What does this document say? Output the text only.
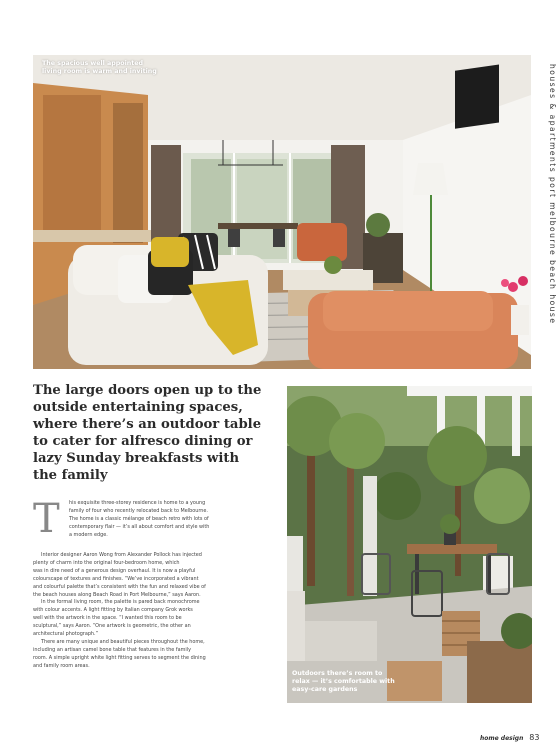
The spacious well appointed living room is warm and inviting	houses & apartments port melbourne beach house
The large doors open up to the outside entertaining spaces, where there’s an outdoor table to cater for alfresco dining or lazy Sunday breakfasts with the family
T	his exquisite three-storey residence is home to a young
family of four who recently relocated back to Melbourne.
The home is a classic mélange of beach retro with lots of
contemporary flair — it’s all about comfort and style with
a modern edge.

Interior designer Aaron Wong from Alexander Pollock has injected
plenty of charm into the original four-bedroom home, which
was in dire need of a generous design overhaul. It is now a playful
colourscape of textures and finishes. “We’ve incorporated a vibrant
and colourful palette that’s consistent with the fun and relaxed vibe of
the beach houses along Beach Road in Port Melbourne,” says Aaron.

In the formal living room, the palette is pared back monochrome
with colour accents. A light fitting by Italian company Grok works
well with the artwork in the space. “I wanted this room to be
sculptural,” says Aaron. “One artwork is geometric, the other an
architectural photograph.”

There are many unique and beautiful pieces throughout the home,
including an artisan camel bone table that features in the family
room. A simple upright white light fitting serves to segment the dining
and family room areas.

Outdoors there’s room to relax — it’s comfortable with easy-care gardens
home design 83
